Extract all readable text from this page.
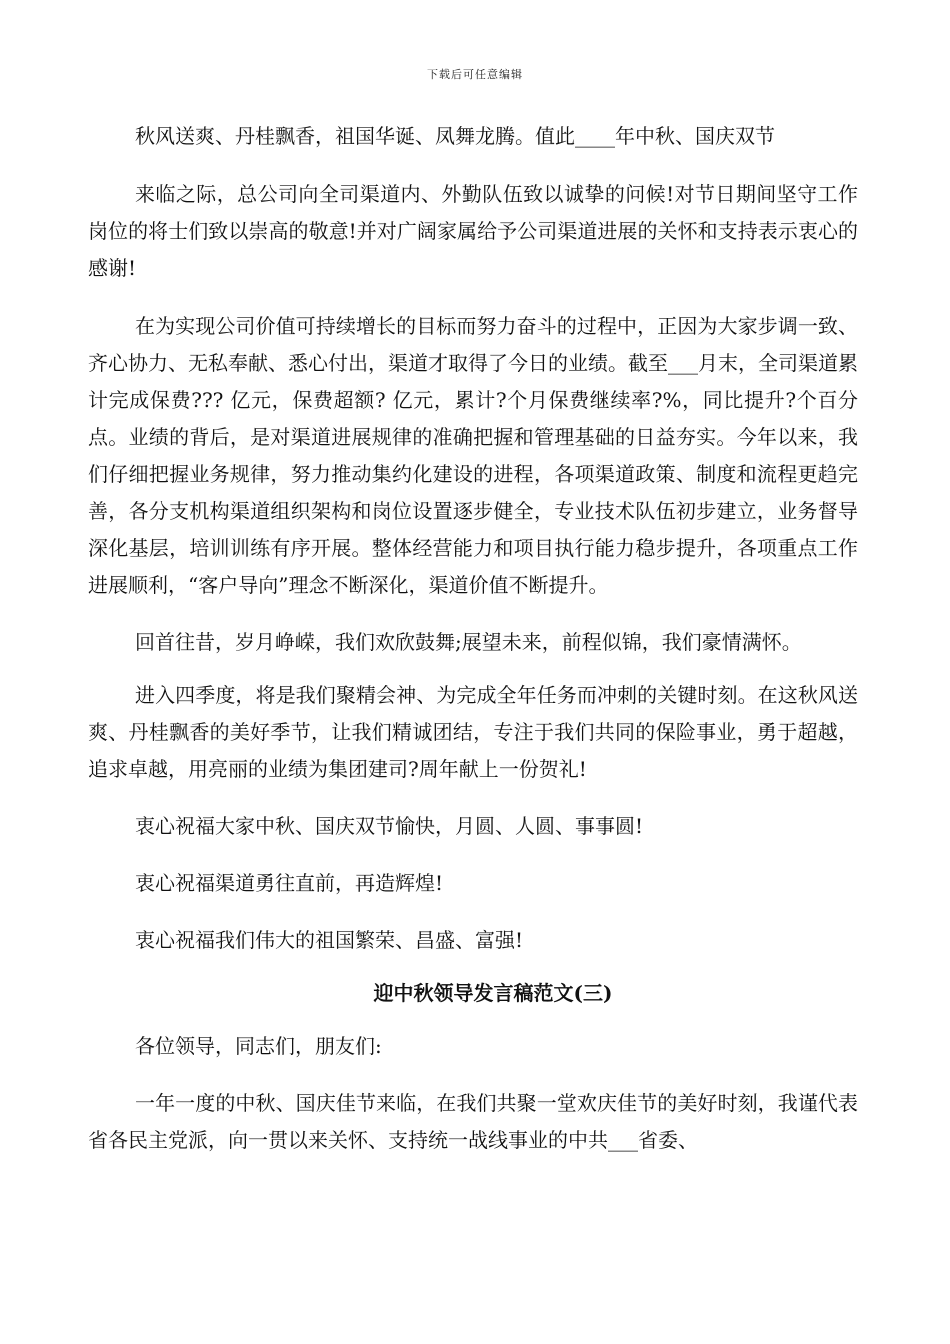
下载后可任意编辑

秋风送爽、丹桂飘香，祖国华诞、凤舞龙腾。值此____年中秋、国庆双节

来临之际，总公司向全司渠道内、外勤队伍致以诚挚的问候!对节日期间坚守工作岗位的将士们致以崇高的敬意!并对广阔家属给予公司渠道进展的关怀和支持表示衷心的感谢!

在为实现公司价值可持续增长的目标而努力奋斗的过程中，正因为大家步调一致、齐心协力、无私奉献、悉心付出，渠道才取得了今日的业绩。截至___月末，全司渠道累计完成保费??? 亿元，保费超额? 亿元，累计?个月保费继续率?%，同比提升?个百分点。业绩的背后，是对渠道进展规律的准确把握和管理基础的日益夯实。今年以来，我们仔细把握业务规律，努力推动集约化建设的进程，各项渠道政策、制度和流程更趋完善，各分支机构渠道组织架构和岗位设置逐步健全，专业技术队伍初步建立，业务督导深化基层，培训训练有序开展。整体经营能力和项目执行能力稳步提升，各项重点工作进展顺利，“客户导向”理念不断深化，渠道价值不断提升。

回首往昔，岁月峥嵘，我们欢欣鼓舞;展望未来，前程似锦，我们豪情满怀。

进入四季度，将是我们聚精会神、为完成全年任务而冲刺的关键时刻。在这秋风送爽、丹桂飘香的美好季节，让我们精诚团结，专注于我们共同的保险事业，勇于超越，追求卓越，用亮丽的业绩为集团建司?周年献上一份贺礼!

衷心祝福大家中秋、国庆双节愉快，月圆、人圆、事事圆!

衷心祝福渠道勇往直前，再造辉煌!

衷心祝福我们伟大的祖国繁荣、昌盛、富强!

迎中秋领导发言稿范文(三)

各位领导，同志们，朋友们:

一年一度的中秋、国庆佳节来临，在我们共聚一堂欢庆佳节的美好时刻，我谨代表省各民主党派，向一贯以来关怀、支持统一战线事业的中共___省委、
